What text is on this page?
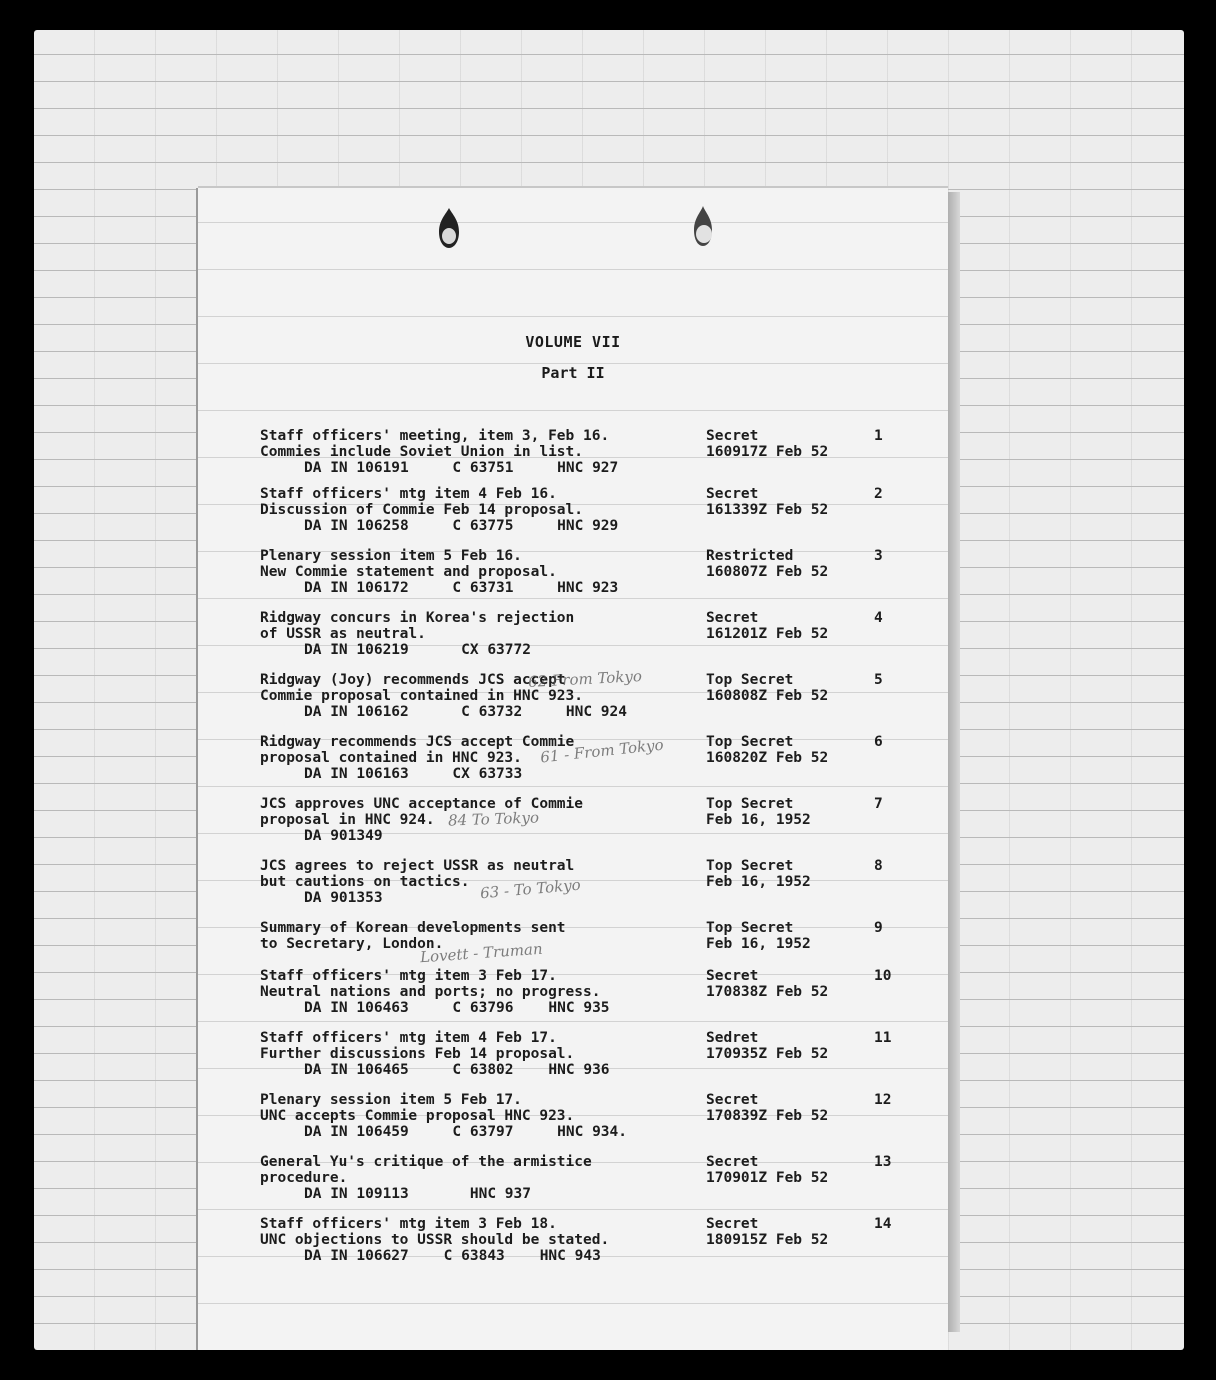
VOLUME VII
Part II
Staff officers' meeting, item 3, Feb 16.
Commies include Soviet Union in list.
DA IN 106191     C 63751     HNC 927
Secret
160917Z Feb 52
1
Staff officers' mtg item 4 Feb 16.
Discussion of Commie Feb 14 proposal.
DA IN 106258     C 63775     HNC 929
Secret
161339Z Feb 52
2
Plenary session item 5 Feb 16.
New Commie statement and proposal.
DA IN 106172     C 63731     HNC 923
Restricted
160807Z Feb 52
3
Ridgway concurs in Korea's rejection
of USSR as neutral.
DA IN 106219      CX 63772
Secret
161201Z Feb 52
4
Ridgway (Joy) recommends JCS accept
Commie proposal contained in HNC 923.
DA IN 106162      C 63732     HNC 924
Top Secret
160808Z Feb 52
5
62 From Tokyo
Ridgway recommends JCS accept Commie
proposal contained in HNC 923.
DA IN 106163     CX 63733
Top Secret
160820Z Feb 52
6
61 - From Tokyo
JCS approves UNC acceptance of Commie
proposal in HNC 924.
DA 901349
Top Secret
Feb 16, 1952
7
84 To Tokyo
JCS agrees to reject USSR as neutral
but cautions on tactics.
DA 901353
Top Secret
Feb 16, 1952
8
63 - To Tokyo
Summary of Korean developments sent
to Secretary, London.
Top Secret
Feb 16, 1952
9
Lovett - Truman
Staff officers' mtg item 3 Feb 17.
Neutral nations and ports; no progress.
DA IN 106463     C 63796    HNC 935
Secret
170838Z Feb 52
10
Staff officers' mtg item 4 Feb 17.
Further discussions Feb 14 proposal.
DA IN 106465     C 63802    HNC 936
Sedret
170935Z Feb 52
11
Plenary session item 5 Feb 17.
UNC accepts Commie proposal HNC 923.
DA IN 106459     C 63797     HNC 934.
Secret
170839Z Feb 52
12
General Yu's critique of the armistice
procedure.
DA IN 109113       HNC 937
Secret
170901Z Feb 52
13
Staff officers' mtg item 3 Feb 18.
UNC objections to USSR should be stated.
DA IN 106627    C 63843    HNC 943
Secret
180915Z Feb 52
14
